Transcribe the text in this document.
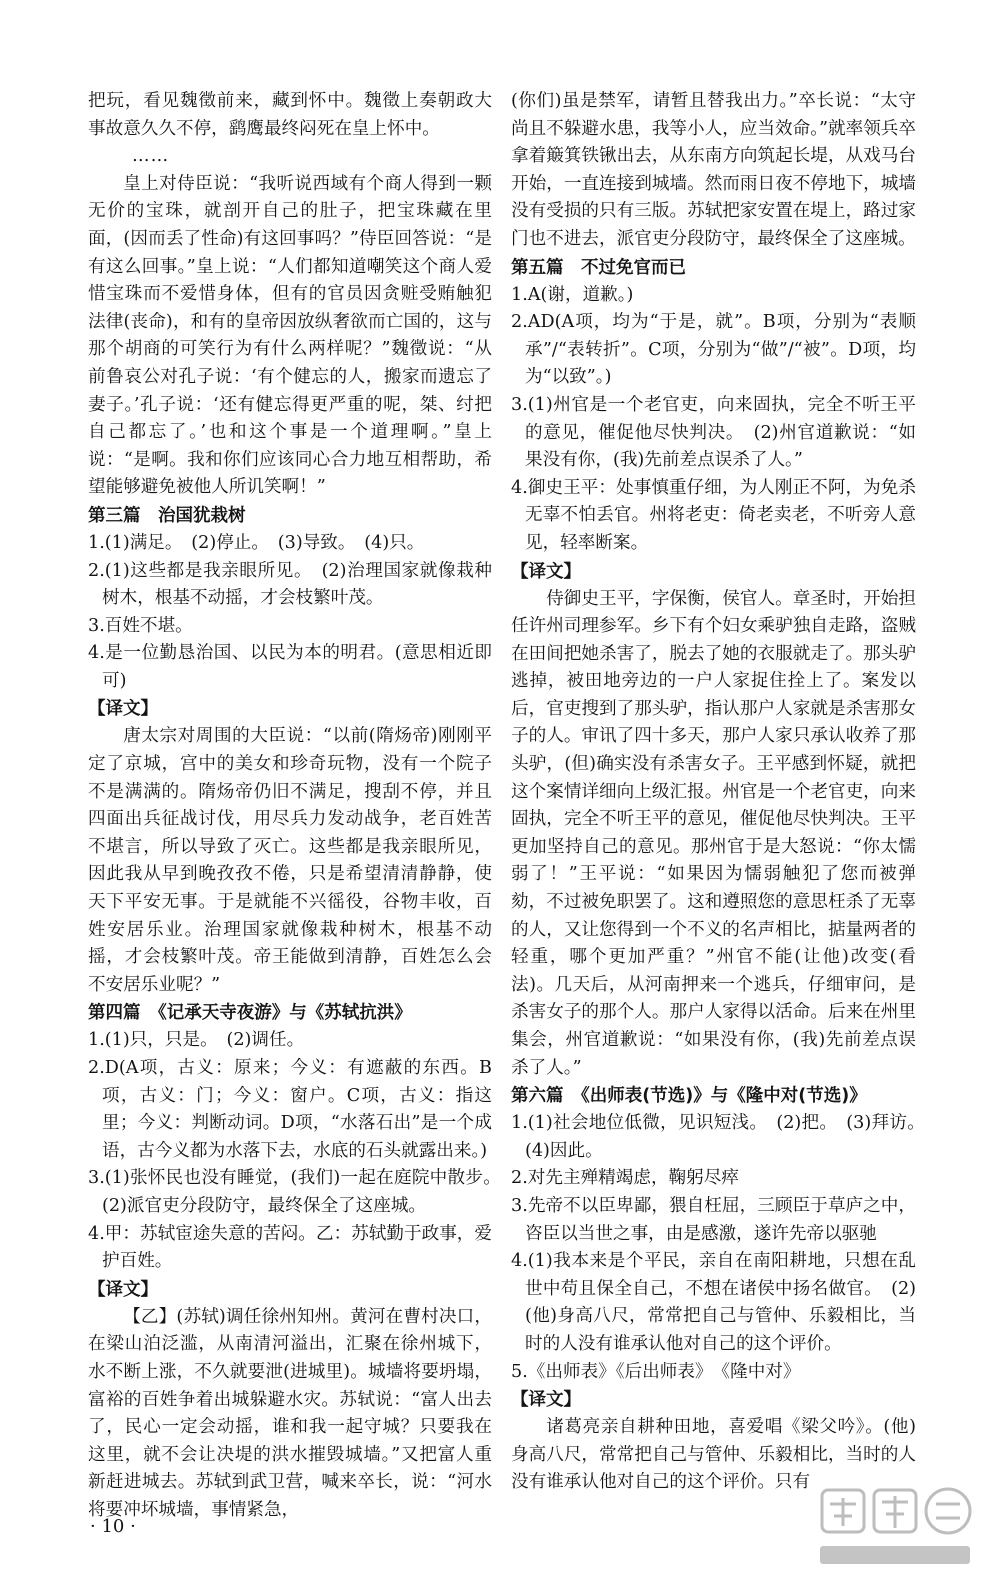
把玩，看见魏徵前来，藏到怀中。魏徵上奏朝政大事故意久久不停，鹞鹰最终闷死在皇上怀中。
……
皇上对侍臣说：“我听说西域有个商人得到一颗无价的宝珠，就剖开自己的肚子，把宝珠藏在里面，(因而丢了性命)有这回事吗？”侍臣回答说：“是有这么回事。”皇上说：“人们都知道嘲笑这个商人爱惜宝珠而不爱惜身体，但有的官员因贪赃受贿触犯法律(丧命)，和有的皇帝因放纵奢欲而亡国的，这与那个胡商的可笑行为有什么两样呢？”魏徵说：“从前鲁哀公对孔子说：‘有个健忘的人，搬家而遗忘了妻子。’孔子说：‘还有健忘得更严重的呢，桀、纣把自己都忘了。’也和这个事是一个道理啊。”皇上说：“是啊。我和你们应该同心合力地互相帮助，希望能够避免被他人所讥笑啊！”
第三篇　治国犹栽树
1.(1)满足。　(2)停止。　(3)导致。　(4)只。
2.(1)这些都是我亲眼所见。　(2)治理国家就像栽种树木，根基不动摇，才会枝繁叶茂。
3.百姓不堪。
4.是一位勤恳治国、以民为本的明君。(意思相近即可)
【译文】
唐太宗对周围的大臣说：“以前(隋炀帝)刚刚平定了京城，宫中的美女和珍奇玩物，没有一个院子不是满满的。隋炀帝仍旧不满足，搜刮不停，并且四面出兵征战讨伐，用尽兵力发动战争，老百姓苦不堪言，所以导致了灭亡。这些都是我亲眼所见，因此我从早到晚孜孜不倦，只是希望清清静静，使天下平安无事。于是就能不兴徭役，谷物丰收，百姓安居乐业。治理国家就像栽种树木，根基不动摇，才会枝繁叶茂。帝王能做到清静，百姓怎么会不安居乐业呢？”
第四篇　《记承天寺夜游》与《苏轼抗洪》
1.(1)只，只是。　(2)调任。
2.D(A项，古义：原来；今义：有遮蔽的东西。B项，古义：门；今义：窗户。C项，古义：指这里；今义：判断动词。D项，“水落石出”是一个成语，古今义都为水落下去，水底的石头就露出来。)
3.(1)张怀民也没有睡觉，(我们)一起在庭院中散步。　(2)派官吏分段防守，最终保全了这座城。
4.甲：苏轼宦途失意的苦闷。乙：苏轼勤于政事，爱护百姓。
【译文】
【乙】(苏轼)调任徐州知州。黄河在曹村决口，在梁山泊泛滥，从南清河溢出，汇聚在徐州城下，水不断上涨，不久就要泄(进城里)。城墙将要坍塌，富裕的百姓争着出城躲避水灾。苏轼说：“富人出去了，民心一定会动摇，谁和我一起守城？只要我在这里，就不会让决堤的洪水摧毁城墙。”又把富人重新赶进城去。苏轼到武卫营，喊来卒长，说：“河水将要冲坏城墙，事情紧急，
(你们)虽是禁军，请暂且替我出力。”卒长说：“太守尚且不躲避水患，我等小人，应当效命。”就率领兵卒拿着簸箕铁锹出去，从东南方向筑起长堤，从戏马台开始，一直连接到城墙。然而雨日夜不停地下，城墙没有受损的只有三版。苏轼把家安置在堤上，路过家门也不进去，派官吏分段防守，最终保全了这座城。
第五篇　不过免官而已
1.A(谢，道歉。)
2.AD(A项，均为“于是，就”。B项，分别为“表顺承”/“表转折”。C项，分别为“做”/“被”。D项，均为“以致”。)
3.(1)州官是一个老官吏，向来固执，完全不听王平的意见，催促他尽快判决。　(2)州官道歉说：“如果没有你，(我)先前差点误杀了人。”
4.御史王平：处事慎重仔细，为人刚正不阿，为免杀无辜不怕丢官。州将老吏：倚老卖老，不听旁人意见，轻率断案。
【译文】
侍御史王平，字保衡，侯官人。章圣时，开始担任许州司理参军。乡下有个妇女乘驴独自走路，盗贼在田间把她杀害了，脱去了她的衣服就走了。那头驴逃掉，被田地旁边的一户人家捉住拴上了。案发以后，官吏搜到了那头驴，指认那户人家就是杀害那女子的人。审讯了四十多天，那户人家只承认收养了那头驴，(但)确实没有杀害女子。王平感到怀疑，就把这个案情详细向上级汇报。州官是一个老官吏，向来固执，完全不听王平的意见，催促他尽快判决。王平更加坚持自己的意见。那州官于是大怒说：“你太懦弱了！”王平说：“如果因为懦弱触犯了您而被弹劾，不过被免职罢了。这和遵照您的意思枉杀了无辜的人，又让您得到一个不义的名声相比，掂量两者的轻重，哪个更加严重？”州官不能(让他)改变(看法)。几天后，从河南押来一个逃兵，仔细审问，是杀害女子的那个人。那户人家得以活命。后来在州里集会，州官道歉说：“如果没有你，(我)先前差点误杀了人。”
第六篇　《出师表(节选)》与《隆中对(节选)》
1.(1)社会地位低微，见识短浅。　(2)把。　(3)拜访。　(4)因此。
2.对先主殚精竭虑，鞠躬尽瘁
3.先帝不以臣卑鄙，猥自枉屈，三顾臣于草庐之中，咨臣以当世之事，由是感激，遂许先帝以驱驰
4.(1)我本来是个平民，亲自在南阳耕地，只想在乱世中苟且保全自己，不想在诸侯中扬名做官。　(2)(他)身高八尺，常常把自己与管仲、乐毅相比，当时的人没有谁承认他对自己的这个评价。
5.《出师表》《后出师表》　《隆中对》
【译文】
诸葛亮亲自耕种田地，喜爱唱《梁父吟》。(他)身高八尺，常常把自己与管仲、乐毅相比，当时的人没有谁承认他对自己的这个评价。只有
· 10 ·
